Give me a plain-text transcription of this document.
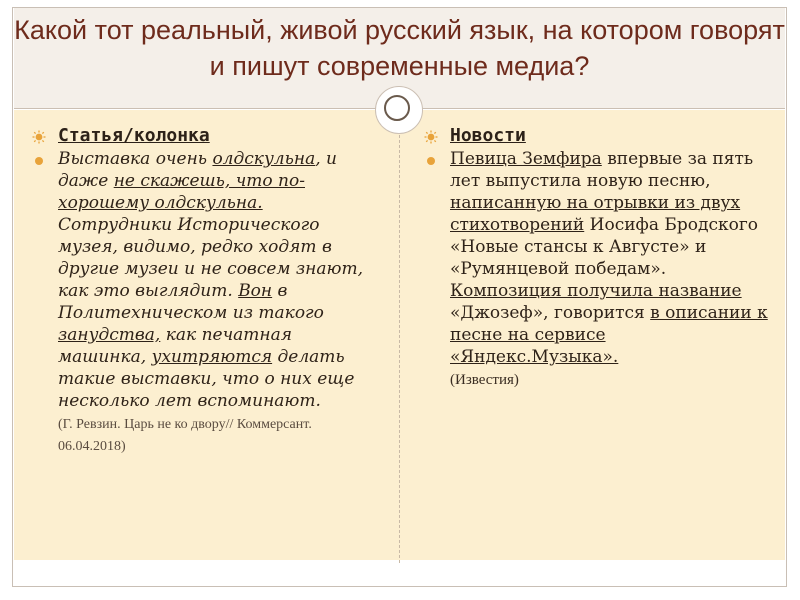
Какой тот реальный, живой русский язык, на котором говорят и пишут современные медиа?
Статья/колонка
Выставка очень олдскульна, и даже не скажешь, что по-хорошему олдскульна. Сотрудники Исторического музея, видимо, редко ходят в другие музеи и не совсем знают, как это выглядит. Вон в Политехническом из такого занудства, как печатная машинка, ухитряются делать такие выставки, что о них еще несколько лет вспоминают.
(Г. Ревзин. Царь не ко двору// Коммерсант. 06.04.2018)
Новости
Певица Земфира впервые за пять лет выпустила новую песню, написанную на отрывки из двух стихотворений Иосифа Бродского «Новые стансы к Августе» и «Румянцевой победам». Композиция получила название «Джозеф», говорится в описании к песне на сервисе «Яндекс.Музыка».
(Известия)
